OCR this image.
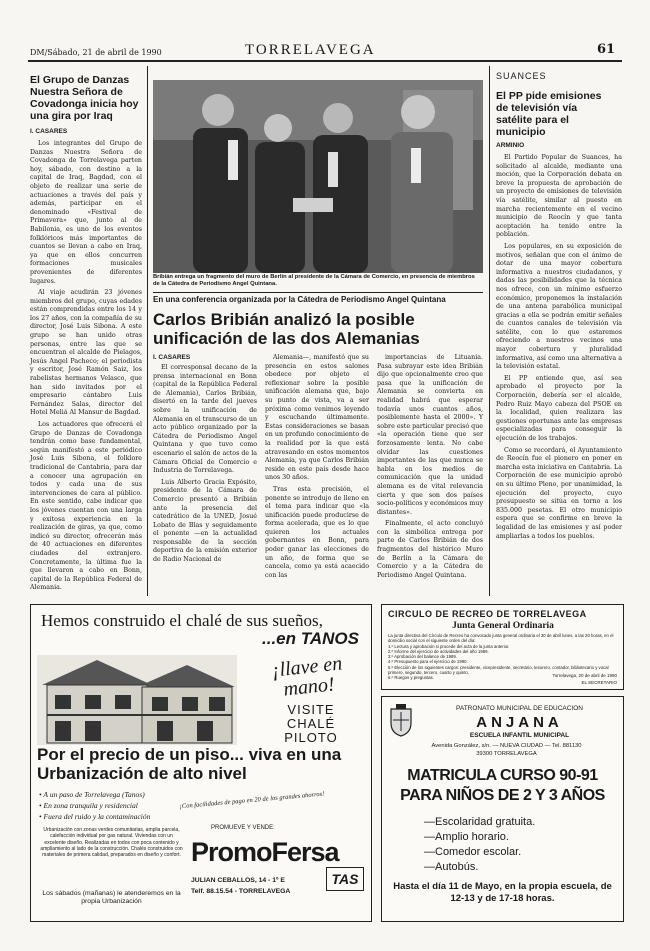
DM/Sábado, 21 de abril de 1990	TORRELAVEGA	61
El Grupo de Danzas Nuestra Señora de Covadonga inicia hoy una gira por Iraq
I. CASARES

Los integrantes del Grupo de Danzas Nuestra Señora de Covadonga de Torrelavega parten hoy, sábado, con destino a la capital de Iraq, Bagdad, con el objeto de realizar una serie de actuaciones a través del país y además, participar en el denominado «Festival de Primavera» que, junto al de Babilonia, es uno de los eventos folklóricos más importantes de cuantos se llevan a cabo en Iraq, ya que en ellos concurren formaciones musicales provenientes de diferentes lugares.

Al viaje acudirán 23 jóvenes miembros del grupo, cuyas edades están comprendidas entre los 14 y los 27 años, con la compañía de su director, José Luis Sibona. A este grupo se han unido otras personas, entre las que se encuentran el alcalde de Pielagos, Jesús Angel Pacheco; el periodista y escritor, José Ramón Saiz, los rabelistas hermanos Velasco, que han sido invitados por el empresario cántabro Luis Fernández Salas, director del Hotel Meliá Al Mansur de Bagdad.

Los actuadores que ofrecerá el Grupo de Danzas de Covadonga tendrán como base fundamental, según manifestó a este periódico José Luis Sibona, el folklore tradicional de Cantabria, para dar a conocer una agrupación en todos y cada una de sus intervenciones de cara al público. En este sentido, cabe indicar que los jóvenes cuentan con una larga y exitosa experiencia en la realización de giras, ya que, como indicó su director, ofrecerán más de 40 actuaciones en diferentes ciudades del extranjero. Concretamente, la última fue la que llevaron a cabo en Bonn, capital de la República Federal de Alemania.

Bribián entrega un fragmento del muro de Berlín al presidente de la Cámara de Comercio, en presencia de miembros de la Cátedra de Periodismo Angel Quintana.
En una conferencia organizada por la Cátedra de Periodismo Angel Quintana
Carlos Bribián analizó la posible unificación de las dos Alemanias
I. CASARES

El corresponsal decano de la prensa internacional en Bonn (capital de la República Federal de Alemania), Carlos Bribián, disertó en la tarde del jueves sobre la unificación de Alemania en el transcurso de un acto público organizado por la Cátedra de Periodismo Angel Quintana y que tuvo como escenario el salón de actos de la Cámara Oficial de Comercio e Industria de Torrelavega.

Luis Alberto Gracia Expósito, presidente de la Cámara de Comercio presentó a Bribián ante la presencia del catedrático de la UNED, Josué Lobato de Blas y seguidamente el ponente —en la actualidad responsable de la sección deportiva de la emisión exterior de Radio Nacional de

Alemania—, manifestó que su presencia en estos salones obedece por objeto el reflexionar sobre la posible unificación alemana que, bajo su punto de vista, va a ser próxima como venimos leyendo y escuchando últimamente. Estas consideraciones se basan en un profundo conocimiento de la realidad por la que está atravesando en estos momentos Alemania, ya que Carlos Bribián reside en este país desde hace unos 30 años.

Tras esta precisión, el ponente se introdujo de lleno en el tema para indicar que «la unificación puede producirse de forma acelerada, que es lo que quieren los actuales gobernantes en Bonn, para poder ganar las elecciones de un año, de forma que se cancela, como ya está acaecido con las

importancias de Lituania. Pasa subrayar este idea Bribián dijo que opcionalmente creo que pasa que la unificación de Alemania se convierta en realidad habrá que esperar todavía unos cuantos años, posiblemente hasta el 2000». Y sobre este particular precisó que «la operación tiene que ser forzosamente lenta. No cabe olvidar las cuestiones importantes de las que nunca se habla en los medios de comunicación que la unidad alemana es de vital relevancia cierta y que son dos países socio-políticos y económicos muy distantes».

Finalmente, el acto concluyó con la simbólica entrega por parte de Carlos Bribián de dos fragmentos del histórico Muro de Berlín a la Cámara de Comercio y a la Cátedra de Periodismo Angel Quintana.

SUANCES
El PP pide emisiones de televisión vía satélite para el municipio
ARMINIO

El Partido Popular de Suances, ha solicitado al alcalde, mediante una moción, que la Corporación debata en breve la propuesta de aprobación de un proyecto de emisiones de televisión vía satélite, similar al puesto en marcha recientemente en el vecino municipio de Reocín y que tanta aceptación ha tenido entre la población.

Los populares, en su exposición de motivos, señalan que con el ánimo de dotar de una mayor cobertura informativa a nuestros ciudadanos, y dadas las posibilidades que la técnica nos ofrece, con un mínimo esfuerzo económico, proponemos la instalación de una antena parabólica municipal gracias a ella se podrán emitir señales de cuantos canales de televisión vía satélite, con lo que estaremos ofreciendo a nuestros vecinos una mayor cobertura y pluralidad informativa, así como una alternativa a la televisión estatal.

El PP entiende que, así sea aprobado el proyecto por la Corporación, debería ser el alcalde, Pedro Ruiz Mayo cabeza del PSOE en la localidad, quien realizara las gestiones oportunas ante las empresas especializadas para conseguir la ejecución de los trabajos.

Como se recordará, el Ayuntamiento de Reocín fue el pionero en poner en marcha esta iniciativa en Cantabria. La Corporación de ese municipio aprobó en su último Pleno, por unanimidad, la ejecución del proyecto, cuyo presupuesto se sitúa en torno a los 835.000 pesetas. El otro municipio espera que se confirme en breve la legalidad de las emisiones y así poder ampliarlas a todos los pueblos.

Hemos construido el chalé de sus sueños,
...en TANOS
¡llave en mano!
VISITE CHALÉ PILOTO
Por el precio de un piso... viva en una Urbanización de alto nivel
• A un paso de Torrelavega (Tanos)
• En zona tranquila y residencial
• Fuera del ruido y la contaminación
¡Con facilidades de pago en 20 de los grandes ahorros!
Urbanización con zonas verdes comunitarias, amplia parcela, calefacción individual por gas natural. Viviendas con un excelente diseño. Realizadas en todos con poca contenido y ampliamiento al lado de la construcción. Chalés construidos con materiales de primera calidad, preparados en diseño y confort.
Los sábados (mañanas) le atenderemos en la propia Urbanización
PROMUEVE Y VENDE:
PromoFersa
JULIAN CEBALLOS, 14 - 1º E
Telf. 88.15.54 - TORRELAVEGA
TAS
CIRCULO DE RECREO DE TORRELAVEGA
Junta General Ordinaria
La junta directiva del Círculo de Recreo ha convocado junta general ordinaria el 30 de abril lunes, a las 20 horas, en el domicilio social con el siguiente orden del día:
1.º Lectura y aprobación si procede del acta de la junta anterior.
2.º Informe del ejercicio de actividades del año 1989.
3.º Aprobación del balance de 1989.
4.º Presupuesto para el ejercicio de 1990.
5.º Elección de los siguientes cargos: presidente, vicepresidente, secretario, tesorero, contador, bibliotecario y vocal primero, segundo, tercero, cuarto y quinto.
6.º Ruegos y preguntas.	Torrelavega, 20 de abril de 1990
EL SECRETARIO
PATRONATO MUNICIPAL DE EDUCACION
ANJANA
ESCUELA INFANTIL MUNICIPAL
Avenida González, s/n. — NUEVA CIUDAD — Tel. 881130
39300 TORRELAVEGA
MATRICULA CURSO 90-91
PARA NIÑOS DE 2 Y 3 AÑOS
—Escolaridad gratuita.
—Amplio horario.
—Comedor escolar.
—Autobús.
Hasta el día 11 de Mayo, en la propia escuela, de 12-13 y de 17-18 horas.
